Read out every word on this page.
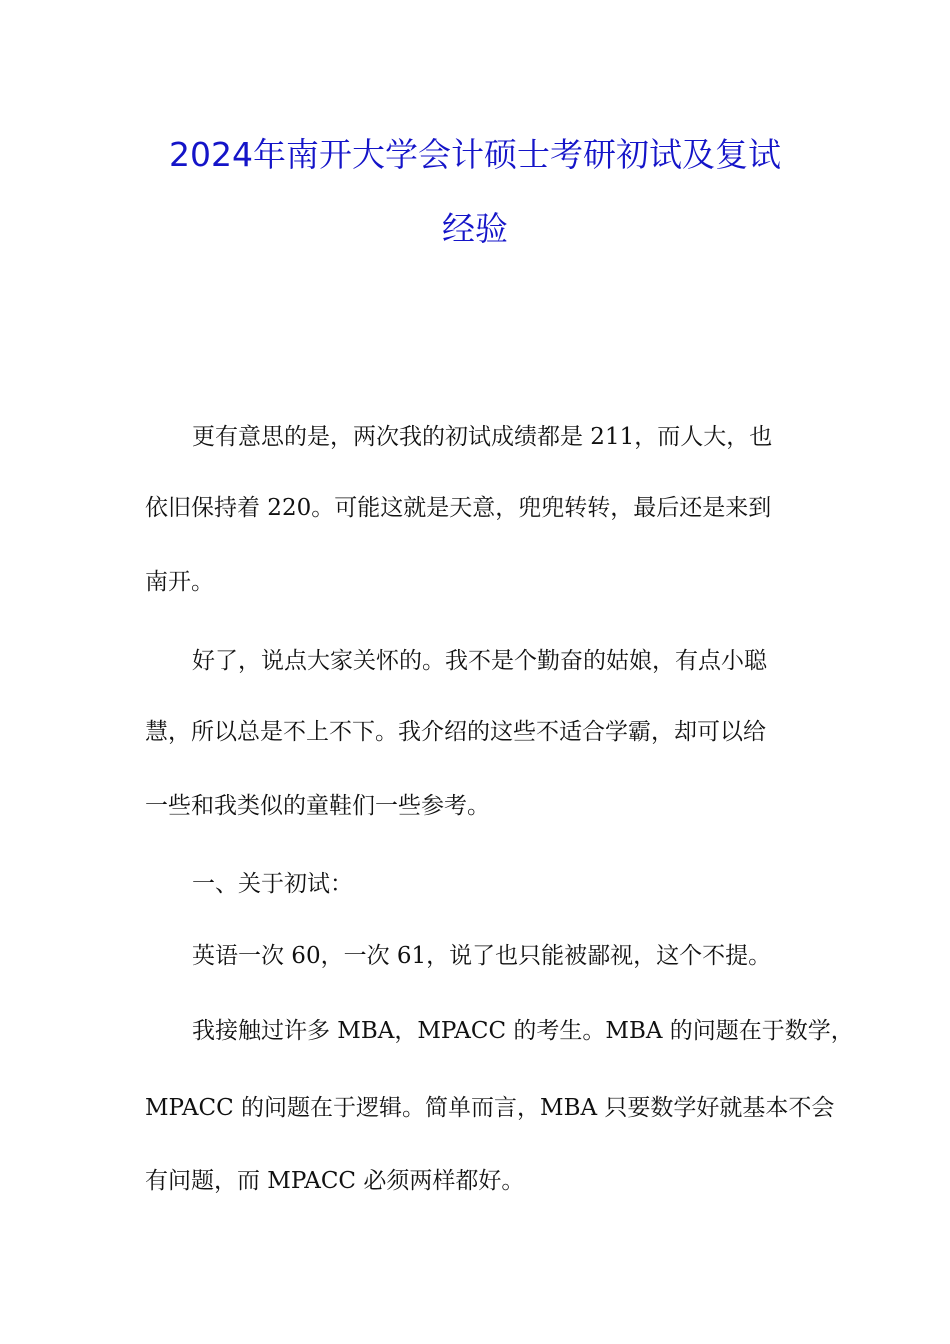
2024年南开大学会计硕士考研初试及复试
经验
更有意思的是，两次我的初试成绩都是 211，而人大，也
依旧保持着 220。可能这就是天意，兜兜转转，最后还是来到
南开。
好了，说点大家关怀的。我不是个勤奋的姑娘，有点小聪
慧，所以总是不上不下。我介绍的这些不适合学霸，却可以给
一些和我类似的童鞋们一些参考。
一、关于初试：
英语一次 60，一次 61，说了也只能被鄙视，这个不提。
我接触过许多 MBA，MPACC 的考生。MBA 的问题在于数学，
MPACC 的问题在于逻辑。简单而言，MBA 只要数学好就基本不会
有问题，而 MPACC 必须两样都好。
